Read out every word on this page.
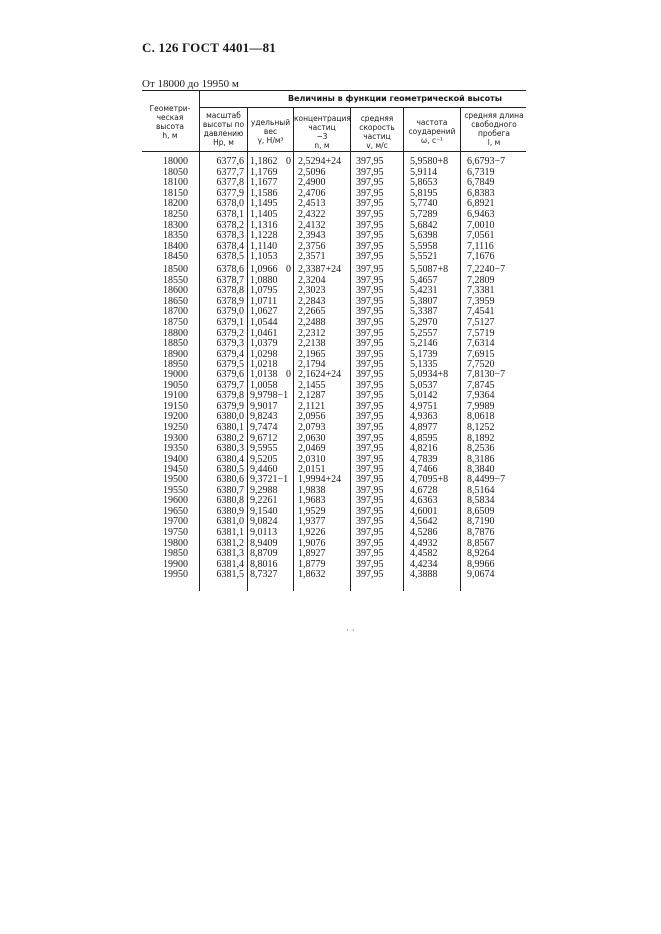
С. 126 ГОСТ 4401—81
От 18000 до 19950 м
Величины в функции геометрической высоты
Геометри-
ческая
высота
h, м
масштаб
высоты по
давлению
Hp, м
удельный
вес
γ, Н/м³
концентрация
частиц
−3
n, м
средняя
скорость
частиц
v, м/с
частота
соударений
ω, с⁻¹
средняя длина
свободного
пробега
l, м
18000
18050
18100
18150
18200
18250
18300
18350
18400
18450
6377,6
6377,7
6377,8
6377,9
6378,0
6378,1
6378,2
6378,3
6378,4
6378,5
1,1862
1,1769
1,1677
1,1586
1,1495
1,1405
1,1316
1,1228
1,1140
1,1053
2,5294+24
2,5096
2,4900
2,4706
2,4513
2,4322
2,4132
2,3943
2,3756
2,3571
397,95
397,95
397,95
397,95
397,95
397,95
397,95
397,95
397,95
397,95
5,9580+8
5,9114
5,8653
5,8195
5,7740
5,7289
5,6842
5,6398
5,5958
5,5521
6,6793−7
6,7319
6,7849
6,8383
6,8921
6,9463
7,0010
7,0561
7,1116
7,1676
0
18500
18550
18600
18650
18700
18750
18800
18850
18900
18950
6378,6
6378,7
6378,8
6378,9
6379,0
6379,1
6379,2
6379,3
6379,4
6379,5
1,0966
1,0880
1,0795
1,0711
1,0627
1,0544
1,0461
1,0379
1,0298
1,0218
2,3387+24
2,3204
2,3023
2,2843
2,2665
2,2488
2,2312
2,2138
2,1965
2,1794
397,95
397,95
397,95
397,95
397,95
397,95
397,95
397,95
397,95
397,95
5,5087+8
5,4657
5,4231
5,3807
5,3387
5,2970
5,2557
5,2146
5,1739
5,1335
7,2240−7
7,2809
7,3381
7,3959
7,4541
7,5127
7,5719
7,6314
7,6915
7,7520
0
19000
19050
19100
19150
19200
19250
19300
19350
19400
19450
6379,6
6379,7
6379,8
6379,9
6380,0
6380,1
6380,2
6380,3
6380,4
6380,5
1,0138
1,0058
9,9798−1
9,9017
9,8243
9,7474
9,6712
9,5955
9,5205
9,4460
2,1624+24
2,1455
2,1287
2,1121
2,0956
2,0793
2,0630
2,0469
2,0310
2,0151
397,95
397,95
397,95
397,95
397,95
397,95
397,95
397,95
397,95
397,95
5,0934+8
5,0537
5,0142
4,9751
4,9363
4,8977
4,8595
4,8216
4,7839
4,7466
7,8130−7
7,8745
7,9364
7,9989
8,0618
8,1252
8,1892
8,2536
8,3186
8,3840
0
19500
19550
19600
19650
19700
19750
19800
19850
19900
19950
6380,6
6380,7
6380,8
6380,9
6381,0
6381,1
6381,2
6381,3
6381,4
6381,5
9,3721−1
9,2988
9,2261
9,1540
9,0824
9,0113
8,9409
8,8709
8,8016
8,7327
1,9994+24
1,9838
1,9683
1,9529
1,9377
1,9226
1,9076
1,8927
1,8779
1,8632
397,95
397,95
397,95
397,95
397,95
397,95
397,95
397,95
397,95
397,95
4,7095+8
4,6728
4,6363
4,6001
4,5642
4,5286
4,4932
4,4582
4,4234
4,3888
8,4499−7
8,5164
8,5834
8,6509
8,7190
8,7876
8,8567
8,9264
8,9966
9,0674
· ·
